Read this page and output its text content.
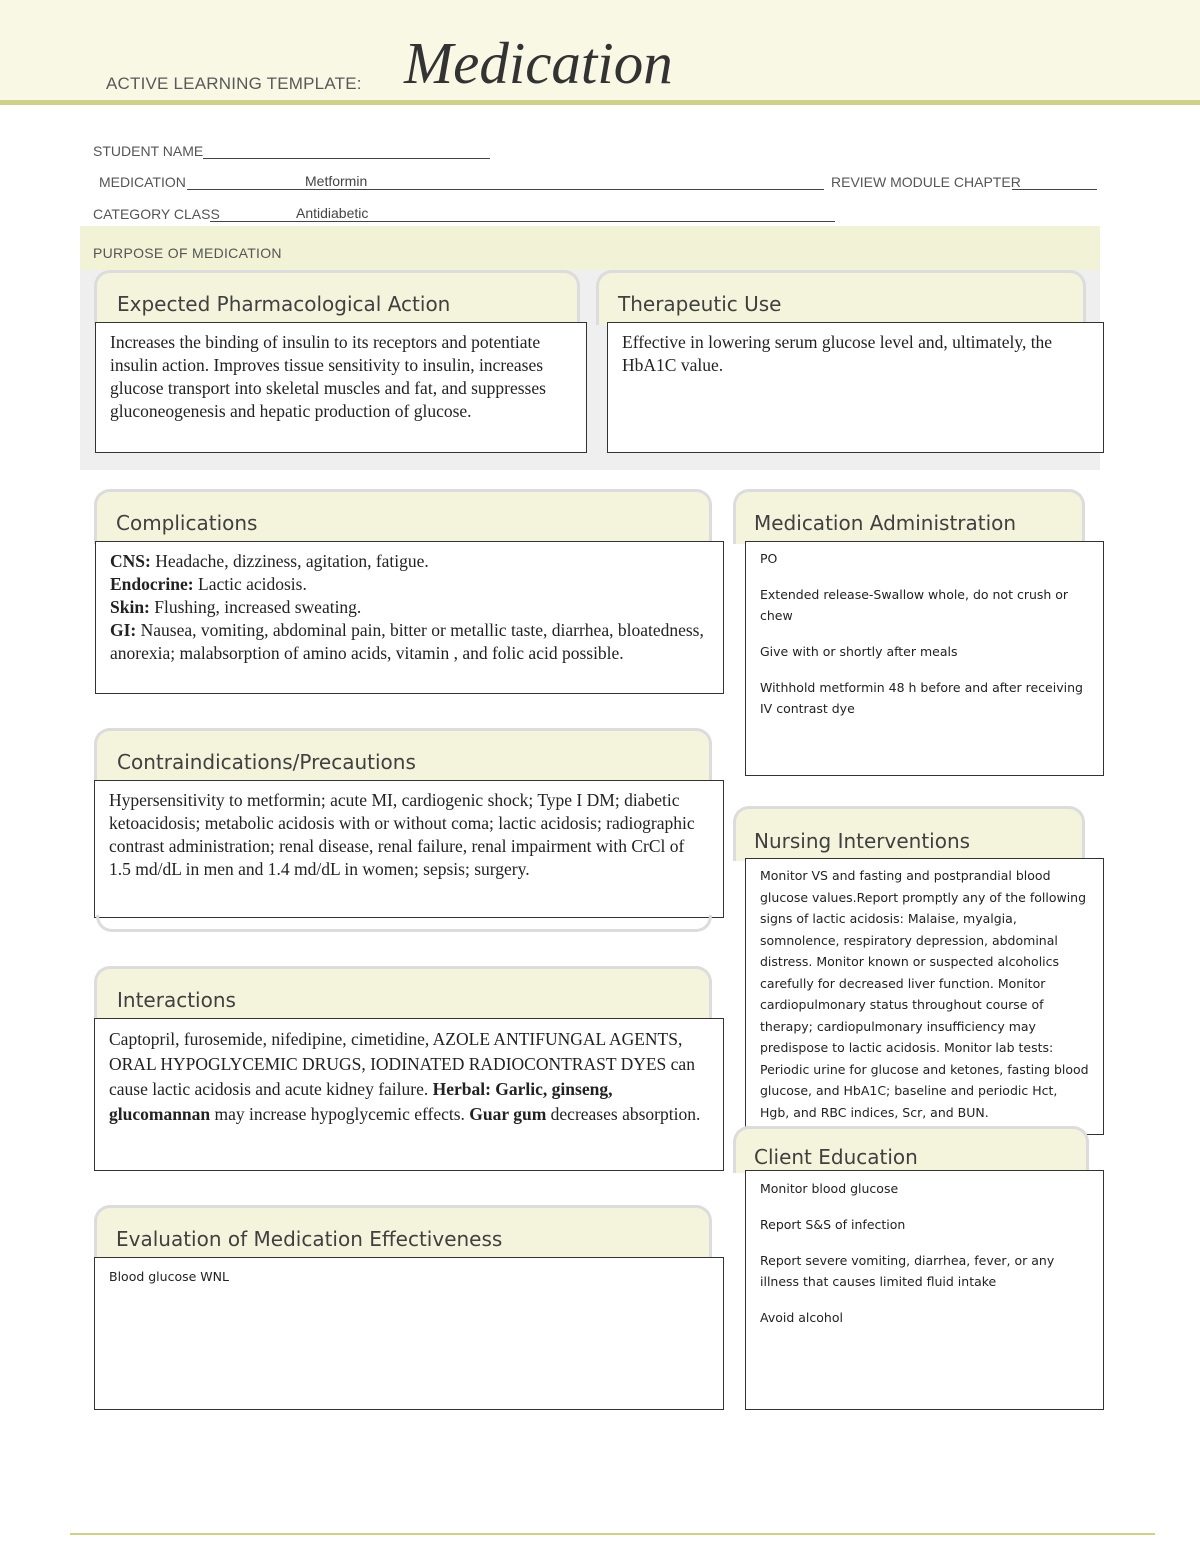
ACTIVE LEARNING TEMPLATE: Medication
STUDENT NAME
MEDICATION	Metformin	REVIEW MODULE CHAPTER
CATEGORY CLASS	Antidiabetic
PURPOSE OF MEDICATION
Expected Pharmacological Action

Increases the binding of insulin to its receptors and potentiate insulin action. Improves tissue sensitivity to insulin, increases glucose transport into skeletal muscles and fat, and suppresses gluconeogenesis and hepatic production of glucose.

Therapeutic Use

Effective in lowering serum glucose level and, ultimately, the HbA1C value.

Complications

CNS: Headache, dizziness, agitation, fatigue.

Endocrine: Lactic acidosis.

Skin: Flushing, increased sweating.

GI: Nausea, vomiting, abdominal pain, bitter or metallic taste, diarrhea, bloatedness, anorexia; malabsorption of amino acids, vitamin , and folic acid possible.

Contraindications/Precautions

Hypersensitivity to metformin; acute MI, cardiogenic shock; Type I DM; diabetic ketoacidosis; metabolic acidosis with or without coma; lactic acidosis; radiographic contrast administration; renal disease, renal failure, renal impairment with CrCl of 1.5 md/dL in men and 1.4 md/dL in women; sepsis; surgery.

Interactions

Captopril, furosemide, nifedipine, cimetidine, AZOLE ANTIFUNGAL AGENTS, ORAL HYPOGLYCEMIC DRUGS, IODINATED RADIOCONTRAST DYES can cause lactic acidosis and acute kidney failure. Herbal: Garlic, ginseng, glucomannan may increase hypoglycemic effects. Guar gum decreases absorption.

Evaluation of Medication Effectiveness

Blood glucose WNL

Medication Administration

PO

Extended release-Swallow whole, do not crush or chew

Give with or shortly after meals

Withhold metformin 48 h before and after receiving IV contrast dye

Nursing Interventions

Monitor VS and fasting and postprandial blood glucose values.Report promptly any of the following signs of lactic acidosis: Malaise, myalgia, somnolence, respiratory depression, abdominal distress. Monitor known or suspected alcoholics carefully for decreased liver function. Monitor cardiopulmonary status throughout course of therapy; cardiopulmonary insufficiency may predispose to lactic acidosis. Monitor lab tests: Periodic urine for glucose and ketones, fasting blood glucose, and HbA1C; baseline and periodic Hct, Hgb, and RBC indices, Scr, and BUN.

Client Education

Monitor blood glucose

Report S&S of infection

Report severe vomiting, diarrhea, fever, or any illness that causes limited fluid intake

Avoid alcohol
